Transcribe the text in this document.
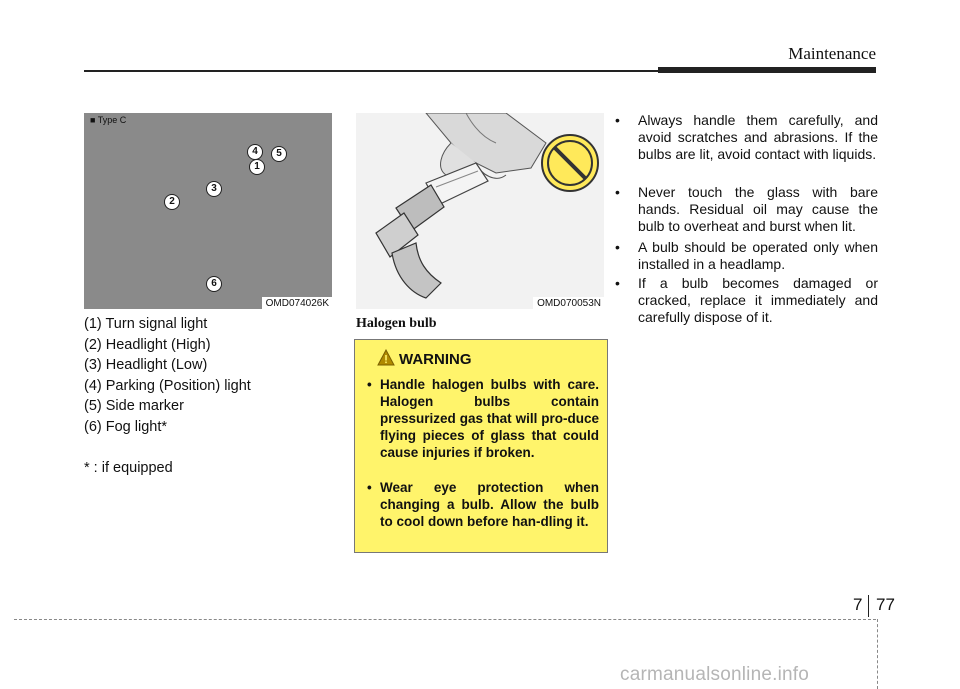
Maintenance
■ Type C
4	5
1
3
2
6
OMD074026K	OMD070053N
(1) Turn signal light
(2) Headlight (High)
(3) Headlight (Low)
(4) Parking (Position) light
(5) Side marker
(6) Fog light*
* : if equipped
Halogen bulb
WARNING
• Handle halogen bulbs with care. Halogen bulbs contain pressurized gas that will pro-duce flying pieces of glass that could cause injuries if broken.
• Wear eye protection when changing a bulb. Allow the bulb to cool down before han-dling it.
•	Always handle them carefully, and avoid scratches and abrasions. If the bulbs are lit, avoid contact with liquids.
•	Never touch the glass with bare hands. Residual oil may cause the bulb to overheat and burst when lit.
•	A bulb should be operated only when installed in a headlamp.
•	If a bulb becomes damaged or cracked, replace it immediately and carefully dispose of it.
7 77
carmanualsonline.info
